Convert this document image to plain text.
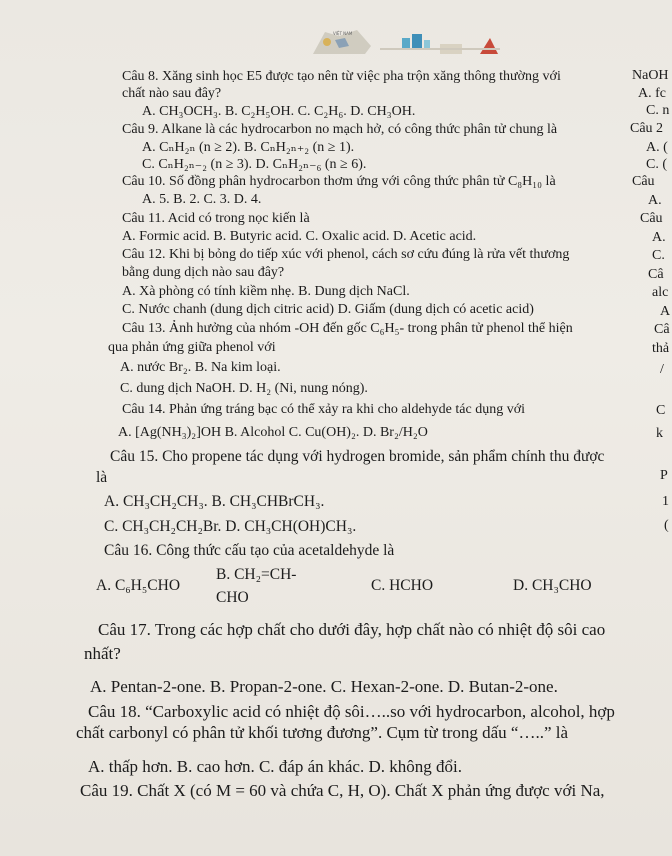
VIỆT NAM
Câu 8. Xăng sinh học E5 được tạo nên từ việc pha trộn xăng thông thường với
chất nào sau đây?
A. CH₃OCH₃. B. C₂H₅OH. C. C₂H₆. D. CH₃OH.
Câu 9. Alkane là các hydrocarbon no mạch hở, có công thức phân tử chung là
A. CₙH₂ₙ (n ≥ 2). B. CₙH₂ₙ₊₂ (n ≥ 1).
C. CₙH₂ₙ₋₂ (n ≥ 3). D. CₙH₂ₙ₋₆ (n ≥ 6).
Câu 10. Số đồng phân hydrocarbon thơm ứng với công thức phân tử C₈H₁₀ là
A. 5. B. 2. C. 3. D. 4.
Câu 11. Acid có trong nọc kiến là
A. Formic acid. B. Butyric acid. C. Oxalic acid. D. Acetic acid.
Câu 12. Khi bị bỏng do tiếp xúc với phenol, cách sơ cứu đúng là rửa vết thương
bằng dung dịch nào sau đây?
A. Xà phòng có tính kiềm nhẹ. B. Dung dịch NaCl.
C. Nước chanh (dung dịch citric acid) D. Giấm (dung dịch có acetic acid)
Câu 13. Ảnh hưởng của nhóm -OH đến gốc C₆H₅- trong phân tử phenol thể hiện
qua phản ứng giữa phenol với
A. nước Br₂. B. Na kim loại.
C. dung dịch NaOH. D. H₂ (Ni, nung nóng).
Câu 14. Phản ứng tráng bạc có thể xảy ra khi cho aldehyde tác dụng với
A. [Ag(NH₃)₂]OH B. Alcohol C. Cu(OH)₂. D. Br₂/H₂O
Câu 15. Cho propene tác dụng với hydrogen bromide, sản phẩm chính thu được
là
A. CH₃CH₂CH₃. B. CH₃CHBrCH₃.
C. CH₃CH₂CH₂Br. D. CH₃CH(OH)CH₃.
Câu 16. Công thức cấu tạo của acetaldehyde là
A. C₆H₅CHO
B. CH₂=CH-
CHO
C. HCHO	D. CH₃CHO
Câu 17. Trong các hợp chất cho dưới đây, hợp chất nào có nhiệt độ sôi cao
nhất?
A. Pentan-2-one. B. Propan-2-one. C. Hexan-2-one. D. Butan-2-one.
Câu 18. “Carboxylic acid có nhiệt độ sôi…..so với hydrocarbon, alcohol, hợp
chất carbonyl có phân tử khối tương đương”. Cụm từ trong dấu “…..” là
A. thấp hơn. B. cao hơn. C. đáp án khác. D. không đổi.
Câu 19. Chất X (có M = 60 và chứa C, H, O). Chất X phản ứng được với Na,
NaOH
A. fc
C. n
Câu 2
A. (
C. (
Câu
A.
Câu
A.
C.
Câ
alc
A
Câ
thả
/
C
k
P
1
(
